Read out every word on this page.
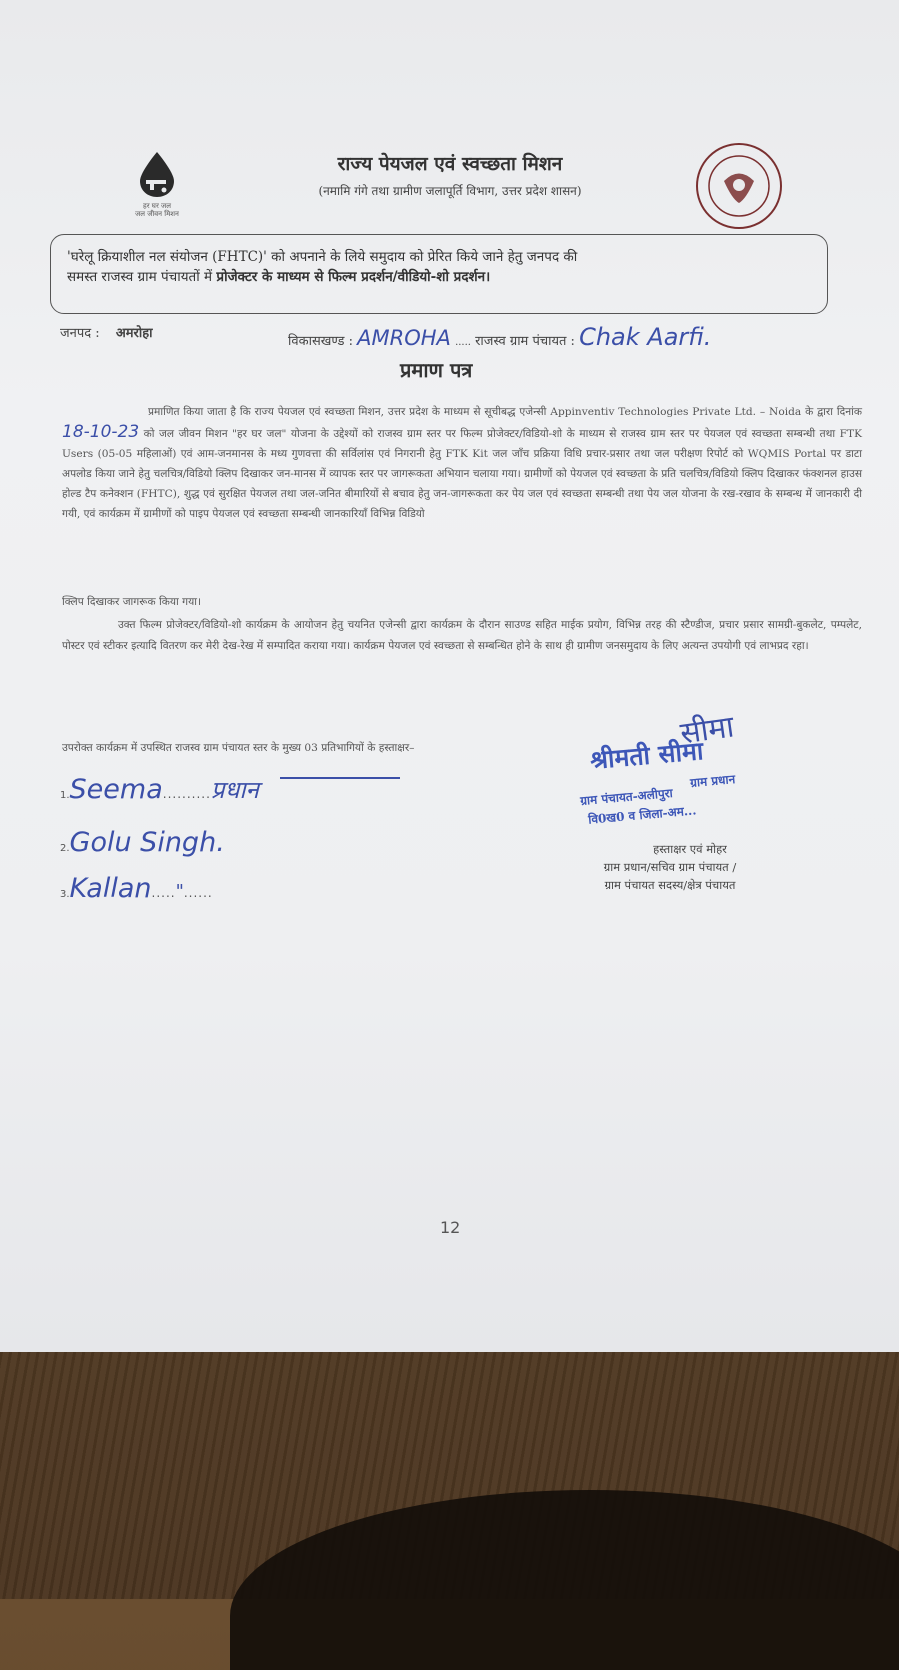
हर घर जल
जल जीवन मिशन
राज्य पेयजल एवं स्वच्छता मिशन
(नमामि गंगे तथा ग्रामीण जलापूर्ति विभाग, उत्तर प्रदेश शासन)
'घरेलू क्रियाशील नल संयोजन (FHTC)' को अपनाने के लिये समुदाय को प्रेरित किये जाने हेतु जनपद की
समस्त राजस्व ग्राम पंचायतों में प्रोजेक्टर के माध्यम से फिल्म प्रदर्शन/वीडियो-शो प्रदर्शन।
जनपद : अमरोहा
विकासखण्ड : AMROHA ..... राजस्व ग्राम पंचायत : Chak Aarfi.
प्रमाण पत्र
प्रमाणित किया जाता है कि राज्य पेयजल एवं स्वच्छता मिशन, उत्तर प्रदेश के माध्यम से सूचीबद्ध एजेन्सी Appinventiv Technologies Private Ltd. – Noida के द्वारा दिनांक 18-10-23 को जल जीवन मिशन "हर घर जल" योजना के उद्देश्यों को राजस्व ग्राम स्तर पर फिल्म प्रोजेक्टर/विडियो-शो के माध्यम से राजस्व ग्राम स्तर पर पेयजल एवं स्वच्छता सम्बन्धी तथा FTK Users (05-05 महिलाओं) एवं आम-जनमानस के मध्य गुणवत्ता की सर्विलांस एवं निगरानी हेतु FTK Kit जल जाँच प्रक्रिया विधि प्रचार-प्रसार तथा जल परीक्षण रिपोर्ट को WQMIS Portal पर डाटा अपलोड किया जाने हेतु चलचित्र/विडियो क्लिप दिखाकर जन-मानस में व्यापक स्तर पर जागरूकता अभियान चलाया गया। ग्रामीणों को पेयजल एवं स्वच्छता के प्रति चलचित्र/विडियो क्लिप दिखाकर फंक्शनल हाउस होल्ड टैप कनेक्शन (FHTC), शुद्ध एवं सुरक्षित पेयजल तथा जल-जनित बीमारियों से बचाव हेतु जन-जागरूकता कर पेय जल एवं स्वच्छता सम्बन्धी तथा पेय जल योजना के रख-रखाव के सम्बन्ध में जानकारी दी गयी, एवं कार्यक्रम में ग्रामीणों को पाइप पेयजल एवं स्वच्छता सम्बन्धी जानकारियाँ विभिन्न विडियो
क्लिप दिखाकर जागरूक किया गया।
उक्त फिल्म प्रोजेक्टर/विडियो-शो कार्यक्रम के आयोजन हेतु चयनित एजेन्सी द्वारा कार्यक्रम के दौरान साउण्ड सहित माईक प्रयोग, विभिन्न तरह की स्टैण्डीज, प्रचार प्रसार सामग्री-बुकलेट, पम्पलेट, पोस्टर एवं स्टीकर इत्यादि वितरण कर मेरी देख-रेख में सम्पादित कराया गया। कार्यक्रम पेयजल एवं स्वच्छता से सम्बन्धित होने के साथ ही ग्रामीण जनसमुदाय के लिए अत्यन्त उपयोगी एवं लाभप्रद रहा।
उपरोक्त कार्यक्रम में उपस्थित राजस्व ग्राम पंचायत स्तर के मुख्य 03 प्रतिभागियों के हस्ताक्षर–
1.Seema..........प्रधान
2.Golu Singh.
3.Kallan....."......
सीमा
श्रीमती सीमा
ग्राम प्रधान
ग्राम पंचायत-अलीपुरा
वि0ख0 व जिला-अम...
हस्ताक्षर एवं मोहर
ग्राम प्रधान/सचिव ग्राम पंचायत /
ग्राम पंचायत सदस्य/क्षेत्र पंचायत
12
